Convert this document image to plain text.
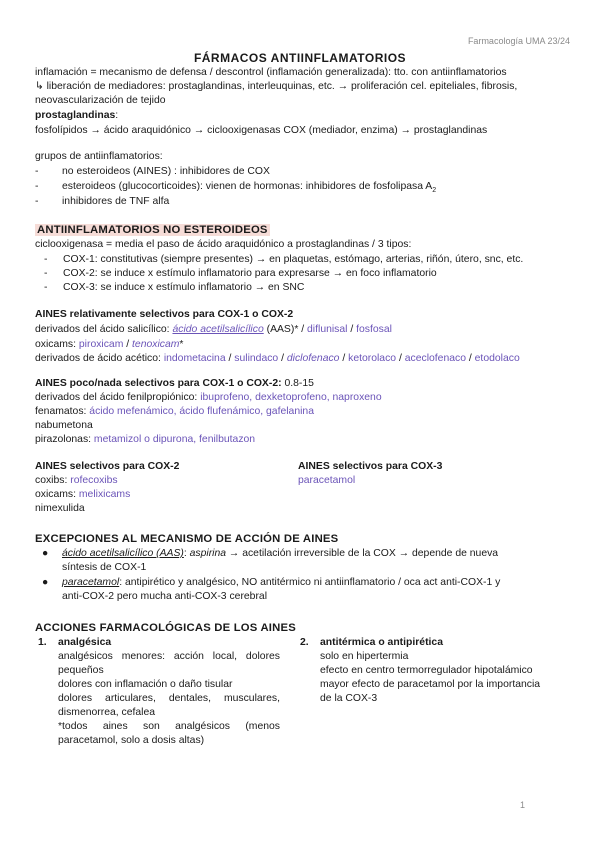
Farmacología UMA 23/24
FÁRMACOS ANTIINFLAMATORIOS
inflamación = mecanismo de defensa / descontrol (inflamación generalizada): tto. con antiinflamatorios
↳ liberación de mediadores: prostaglandinas, interleuquinas, etc. → proliferación cel. epiteliales, fibrosis,
neovascularización de tejido
prostaglandinas:
fosfolípidos → ácido araquidónico → ciclooxigenasas COX (mediador, enzima) → prostaglandinas
grupos de antiinflamatorios:
- no esteroideos (AINES) : inhibidores de COX
- esteroideos (glucocorticoides): vienen de hormonas: inhibidores de fosfolipasa $A_2$
- inhibidores de TNF alfa
ANTIINFLAMATORIOS NO ESTEROIDEOS
ciclooxigenasa = media el paso de ácido araquidónico a prostaglandinas / 3 tipos:
- COX-1: constitutivas (siempre presentes) → en plaquetas, estómago, arterias, riñón, útero, snc, etc.
- COX-2: se induce x estímulo inflamatorio para expresarse → en foco inflamatorio
- COX-3: se induce x estímulo inflamatorio → en SNC
AINES relativamente selectivos para COX-1 o COX-2
derivados del ácido salicílico: ácido acetilsalicílico (AAS)* / diflunisal / fosfosal
oxicams: piroxicam / tenoxicam*
derivados de ácido acético: indometacina / sulindaco / diclofenaco / ketorolaco / aceclofenaco / etodolaco
AINES poco/nada selectivos para COX-1 o COX-2: 0.8-15
derivados del ácido fenilpropiónico: ibuprofeno, dexketoprofeno, naproxeno
fenamatos: ácido mefenámico, ácido flufenámico, gafelanina
nabumetona
pirazolonas: metamizol o dipurona, fenilbutazon
AINES selectivos para COX-2
coxibs: rofecoxibs
oxicams: melixicams
nimexulida
AINES selectivos para COX-3
paracetamol
EXCEPCIONES AL MECANISMO DE ACCIÓN DE AINES
●	ácido acetilsalicílico (AAS): aspirina → acetilación irreversible de la COX → depende de nueva
síntesis de COX-1
●	paracetamol: antipirético y analgésico, NO antitérmico ni antiinflamatorio / oca act anti-COX-1 y
anti-COX-2 pero mucha anti-COX-3 cerebral
ACCIONES FARMACOLÓGICAS DE LOS AINES
1. analgésica
analgésicos menores: acción local, dolores
pequeños
dolores con inflamación o daño tisular
dolores articulares, dentales, musculares,
dismenorrea, cefalea
*todos aines son analgésicos (menos
paracetamol, solo a dosis altas)
2. antitérmica o antipirética
solo en hipertermia
efecto en centro termorregulador hipotalámico
mayor efecto de paracetamol por la importancia
de la COX-3
1
